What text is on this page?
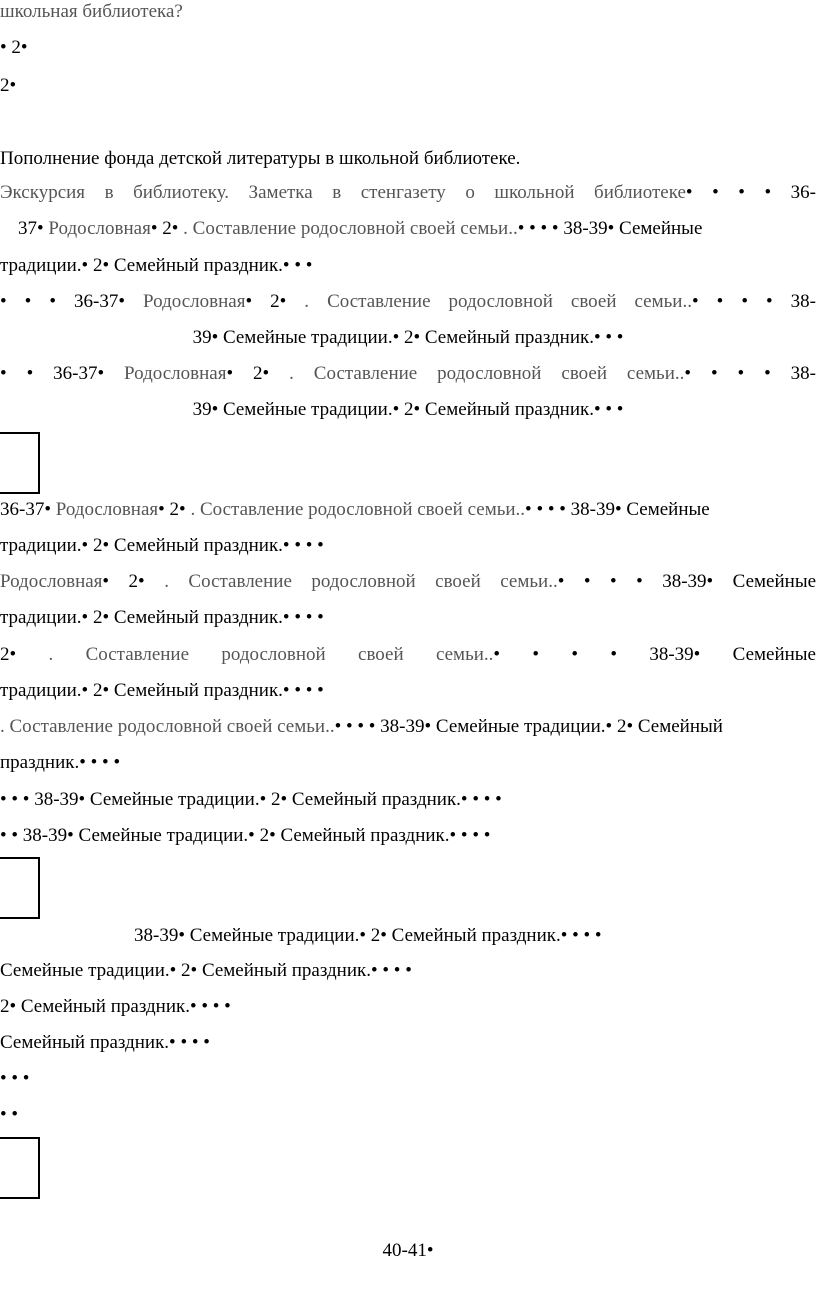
школьная библиотека?
• 2•
2•
Пополнение фонда детской литературы в школьной библиотеке.
Экскурсия в библиотеку. Заметка в стенгазету о школьной библиотеке• • • • 36-
37• Родословная• 2• . Составление родословной своей семьи..• • • • 38-39• Семейные
традиции.• 2• Семейный праздник.• • •
• • • 36-37• Родословная• 2• . Составление родословной своей семьи..• • • • 38-
39• Семейные традиции.• 2• Семейный праздник.• • •
• • 36-37• Родословная• 2• . Составление родословной своей семьи..• • • • 38-
39• Семейные традиции.• 2• Семейный праздник.• • •
36-37• Родословная• 2• . Составление родословной своей семьи..• • • • 38-39• Семейные
традиции.• 2• Семейный праздник.• • • •
Родословная• 2• . Составление родословной своей семьи..• • • • 38-39• Семейные
традиции.• 2• Семейный праздник.• • • •
2• . Составление родословной своей семьи..• • • • 38-39• Семейные
традиции.• 2• Семейный праздник.• • • •
. Составление родословной своей семьи..• • • • 38-39• Семейные традиции.• 2• Семейный
праздник.• • • •
• • • 38-39• Семейные традиции.• 2• Семейный праздник.• • • •
• • 38-39• Семейные традиции.• 2• Семейный праздник.• • • •
38-39• Семейные традиции.• 2• Семейный праздник.• • • •
Семейные традиции.• 2• Семейный праздник.• • • •
2• Семейный праздник.• • • •
Семейный праздник.• • • •
• • •
• •
40-41•
